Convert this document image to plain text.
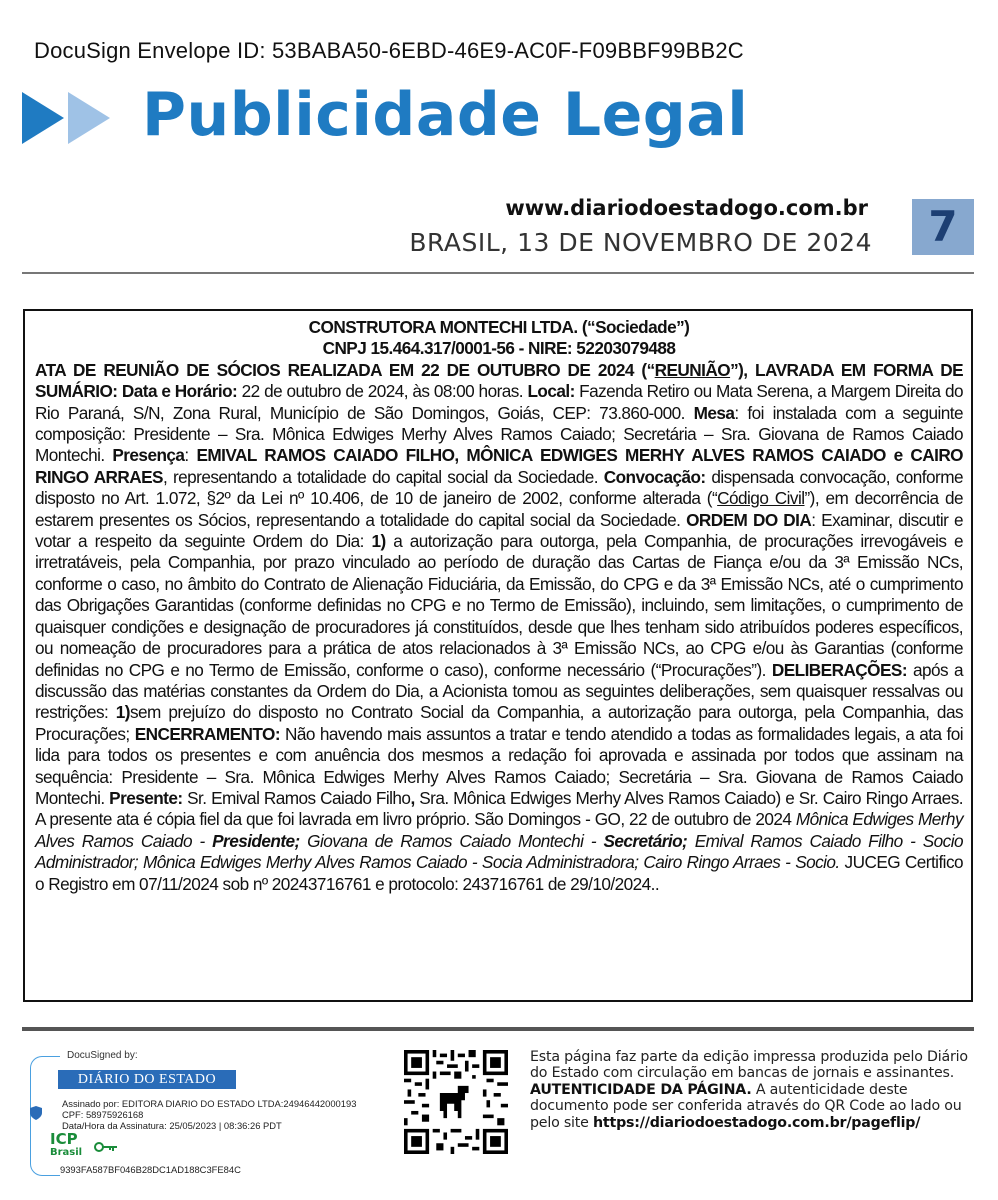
DocuSign Envelope ID: 53BABA50-6EBD-46E9-AC0F-F09BBF99BB2C
Publicidade Legal
www.diariodoestadogo.com.br
BRASIL, 13 DE NOVEMBRO DE 2024	7

CONSTRUTORA MONTECHI LTDA. (“Sociedade”)

CNPJ 15.464.317/0001-56 - NIRE: 52203079488

ATA DE REUNIÃO DE SÓCIOS REALIZADA EM 22 DE OUTUBRO DE 2024 (“REUNIÃO”), LAVRADA EM FORMA DE SUMÁRIO: Data e Horário: 22 de outubro de 2024, às 08:00 horas. Local: Fazenda Retiro ou Mata Serena, a Margem Direita do Rio Paraná, S/N, Zona Rural, Município de São Domingos, Goiás, CEP: 73.860-000. Mesa: foi instalada com a seguinte composição: Presidente – Sra. Mônica Edwiges Merhy Alves Ramos Caiado; Secretária – Sra. Giovana de Ramos Caiado Montechi. Presença: EMIVAL RAMOS CAIADO FILHO, MÔNICA EDWIGES MERHY ALVES RAMOS CAIADO e CAIRO RINGO ARRAES, representando a totalidade do capital social da Sociedade. Convocação: dispensada convocação, conforme disposto no Art. 1.072, §2º da Lei nº 10.406, de 10 de janeiro de 2002, conforme alterada (“Código Civil”), em decorrência de estarem presentes os Sócios, representando a totalidade do capital social da Sociedade. ORDEM DO DIA: Examinar, discutir e votar a respeito da seguinte Ordem do Dia: 1) a autorização para outorga, pela Companhia, de procurações irrevogáveis e irretratáveis, pela Companhia, por prazo vinculado ao período de duração das Cartas de Fiança e/ou da 3ª Emissão NCs, conforme o caso, no âmbito do Contrato de Alienação Fiduciária, da Emissão, do CPG e da 3ª Emissão NCs, até o cumprimento das Obrigações Garantidas (conforme definidas no CPG e no Termo de Emissão), incluindo, sem limitações, o cumprimento de quaisquer condições e designação de procuradores já constituídos, desde que lhes tenham sido atribuídos poderes específicos, ou nomeação de procuradores para a prática de atos relacionados à 3ª Emissão NCs, ao CPG e/ou às Garantias (conforme definidas no CPG e no Termo de Emissão, conforme o caso), conforme necessário (“Procurações”). DELIBERAÇÕES: após a discussão das matérias constantes da Ordem do Dia, a Acionista tomou as seguintes deliberações, sem quaisquer ressalvas ou restrições: 1)sem prejuízo do disposto no Contrato Social da Companhia, a autorização para outorga, pela Companhia, das Procurações; ENCERRAMENTO: Não havendo mais assuntos a tratar e tendo atendido a todas as formalidades legais, a ata foi lida para todos os presentes e com anuência dos mesmos a redação foi aprovada e assinada por todos que assinam na sequência: Presidente – Sra. Mônica Edwiges Merhy Alves Ramos Caiado; Secretária – Sra. Giovana de Ramos Caiado Montechi. Presente: Sr. Emival Ramos Caiado Filho, Sra. Mônica Edwiges Merhy Alves Ramos Caiado) e Sr. Cairo Ringo Arraes. A presente ata é cópia fiel da que foi lavrada em livro próprio. São Domingos - GO, 22 de outubro de 2024 Mônica Edwiges Merhy Alves Ramos Caiado - Presidente; Giovana de Ramos Caiado Montechi - Secretário; Emival Ramos Caiado Filho - Socio Administrador; Mônica Edwiges Merhy Alves Ramos Caiado - Socia Administradora; Cairo Ringo Arraes - Socio. JUCEG Certifico o Registro em 07/11/2024 sob nº 20243716761 e protocolo: 243716761 de 29/10/2024..

DocuSigned by:
DIÁRIO DO ESTADO
Assinado por: EDITORA DIARIO DO ESTADO LTDA:24946442000193
CPF: 58975926168
Data/Hora da Assinatura: 25/05/2023 | 08:36:26 PDT
ICP
Brasil
9393FA587BF046B28DC1AD188C3FE84C
Esta página faz parte da edição impressa produzida pelo Diário do Estado com circulação em bancas de jornais e assinantes.
AUTENTICIDADE DA PÁGINA. A autenticidade deste documento pode ser conferida através do QR Code ao lado ou pelo site https://diariodoestadogo.com.br/pageflip/
